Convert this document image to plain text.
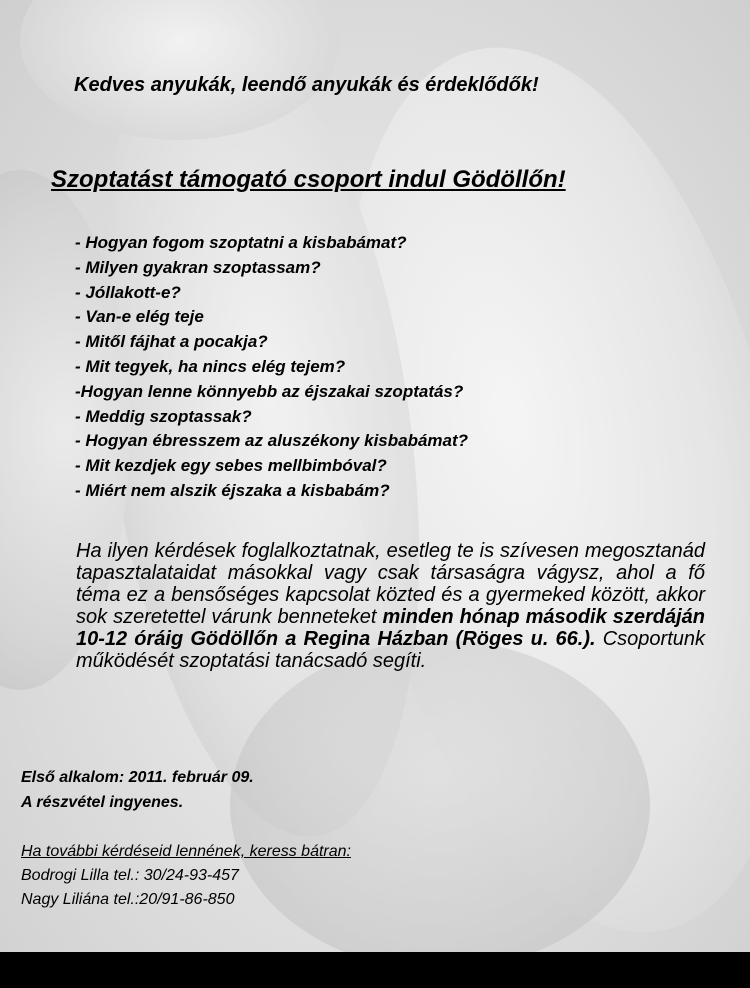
Kedves anyukák, leendő anyukák és érdeklődők!

Szoptatást támogató csoport indul Gödöllőn!

- Hogyan fogom szoptatni a kisbabámat?
- Milyen gyakran szoptassam?
- Jóllakott-e?
- Van-e elég teje
- Mitől fájhat a pocakja?
- Mit tegyek, ha nincs elég tejem?
-Hogyan lenne könnyebb az éjszakai szoptatás?
- Meddig szoptassak?
- Hogyan ébresszem az aluszékony kisbabámat?
- Mit kezdjek egy sebes mellbimbóval?
- Miért nem alszik éjszaka a kisbabám?

Ha ilyen kérdések foglalkoztatnak, esetleg te is szívesen megosztanád tapasztalataidat másokkal vagy csak társaságra vágysz, ahol a fő téma ez a bensőséges kapcsolat közted és a gyermeked között, akkor sok szeretettel várunk benneteket minden hónap második szerdáján 10-12 óráig Gödöllőn a Regina Házban (Röges u. 66.). Csoportunk működését szoptatási tanácsadó segíti.

Első alkalom: 2011. február 09.
A részvétel ingyenes.
Ha további kérdéseid lennének, keress bátran:
Bodrogi Lilla tel.: 30/24-93-457
Nagy Liliána tel.:20/91-86-850
